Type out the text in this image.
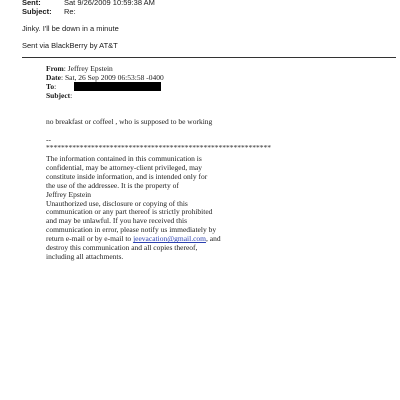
Sent:	Sat 9/26/2009 10:59:38 AM
Subject: Re:
Jinky. I'll be down in a minute
Sent via BlackBerry by AT&T
From: Jeffrey Epstein
Date: Sat, 26 Sep 2009 06:53:58 -0400
To:
Subject:
no breakfast or coffeel , who is supposed to be working
--
************************************************************
The information contained in this communication is
confidential, may be attorney-client privileged, may
constitute inside information, and is intended only for
the use of the addressee. It is the property of
Jeffrey Epstein
Unauthorized use, disclosure or copying of this
communication or any part thereof is strictly prohibited
and may be unlawful. If you have received this
communication in error, please notify us immediately by
return e-mail or by e-mail to jeevacation@gmail.com, and
destroy this communication and all copies thereof,
including all attachments.
